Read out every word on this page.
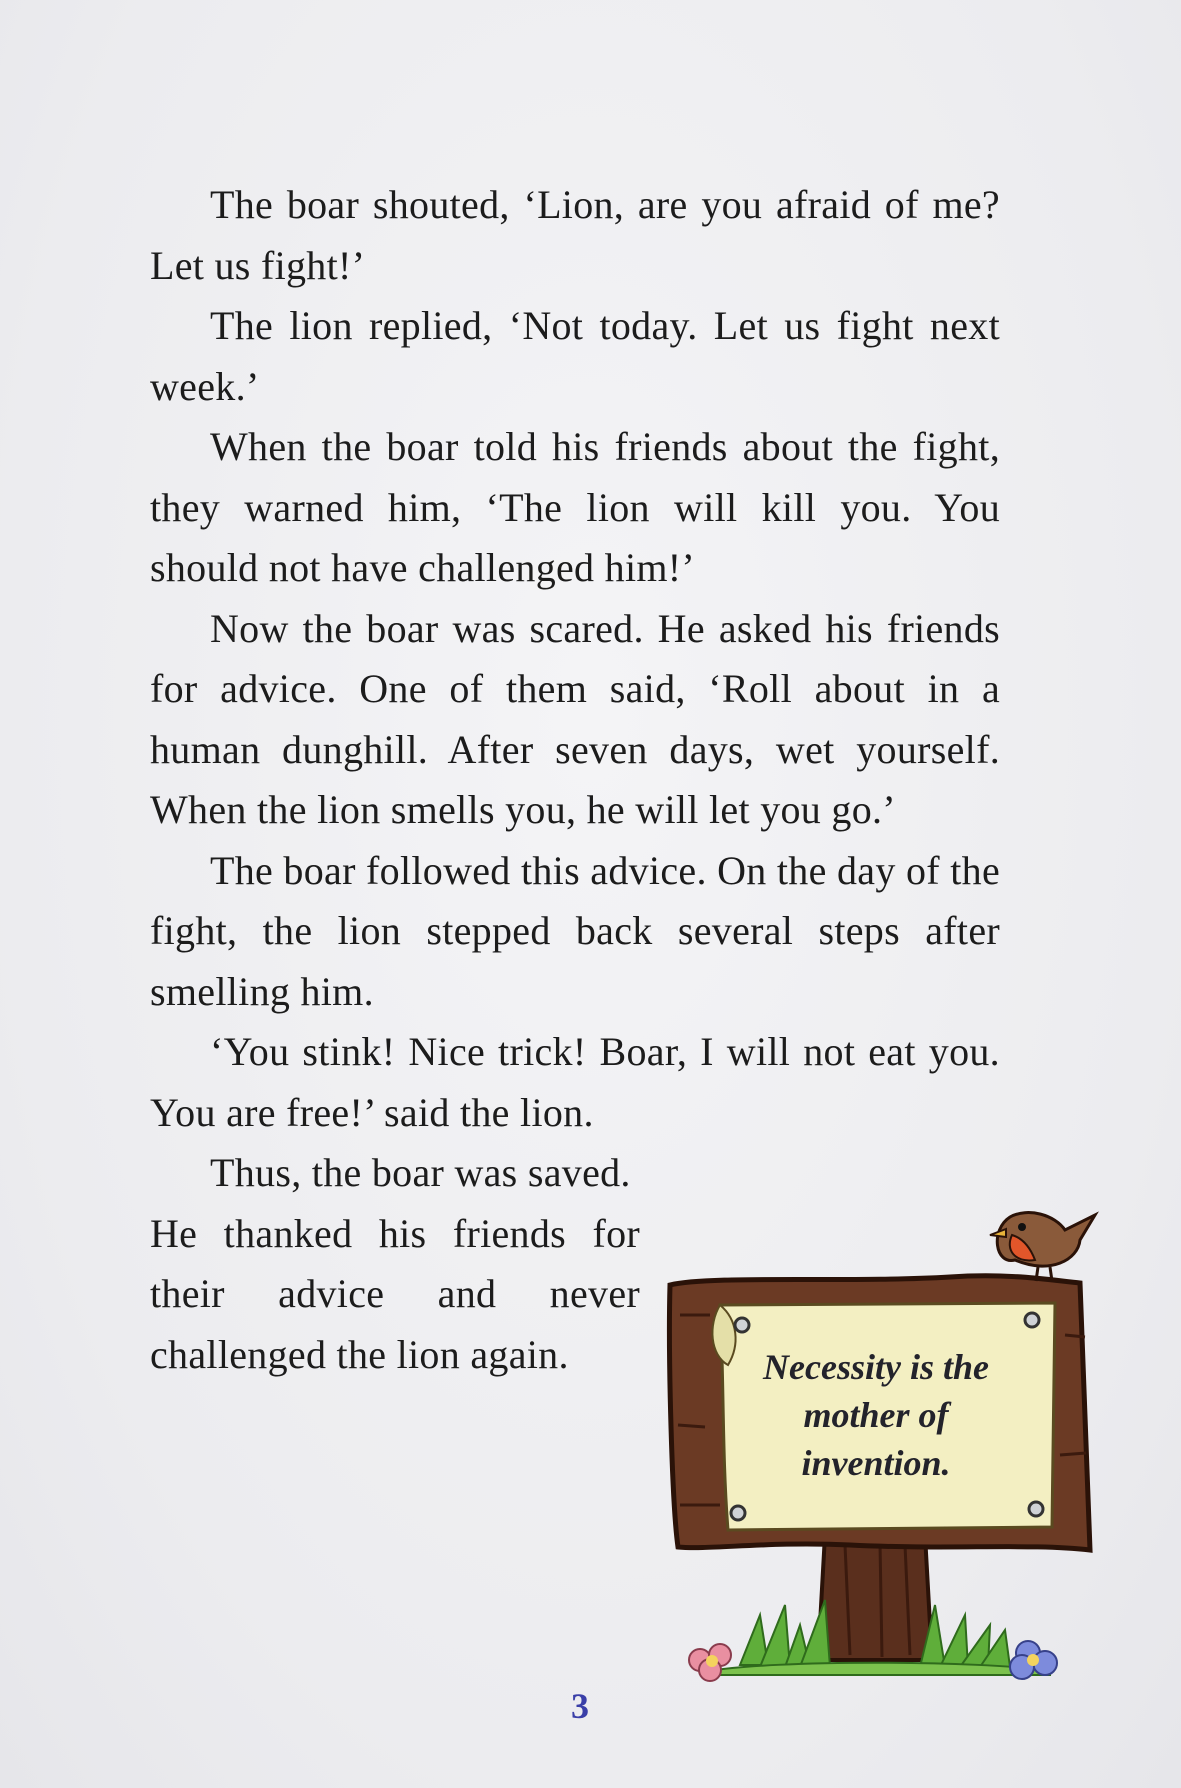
The boar shouted, ‘Lion, are you afraid of me? Let us fight!’

The lion replied, ‘Not today. Let us fight next week.’

When the boar told his friends about the fight, they warned him, ‘The lion will kill you. You should not have challenged him!’

Now the boar was scared. He asked his friends for advice. One of them said, ‘Roll about in a human dunghill. After seven days, wet yourself. When the lion smells you, he will let you go.’

The boar followed this advice. On the day of the fight, the lion stepped back several steps after smelling him.

‘You stink! Nice trick! Boar, I will not eat you. You are free!’ said the lion.

Thus, the boar was saved.

He thanked his friends for their advice and never challenged the lion again.	Necessity is the mother of invention.
3
